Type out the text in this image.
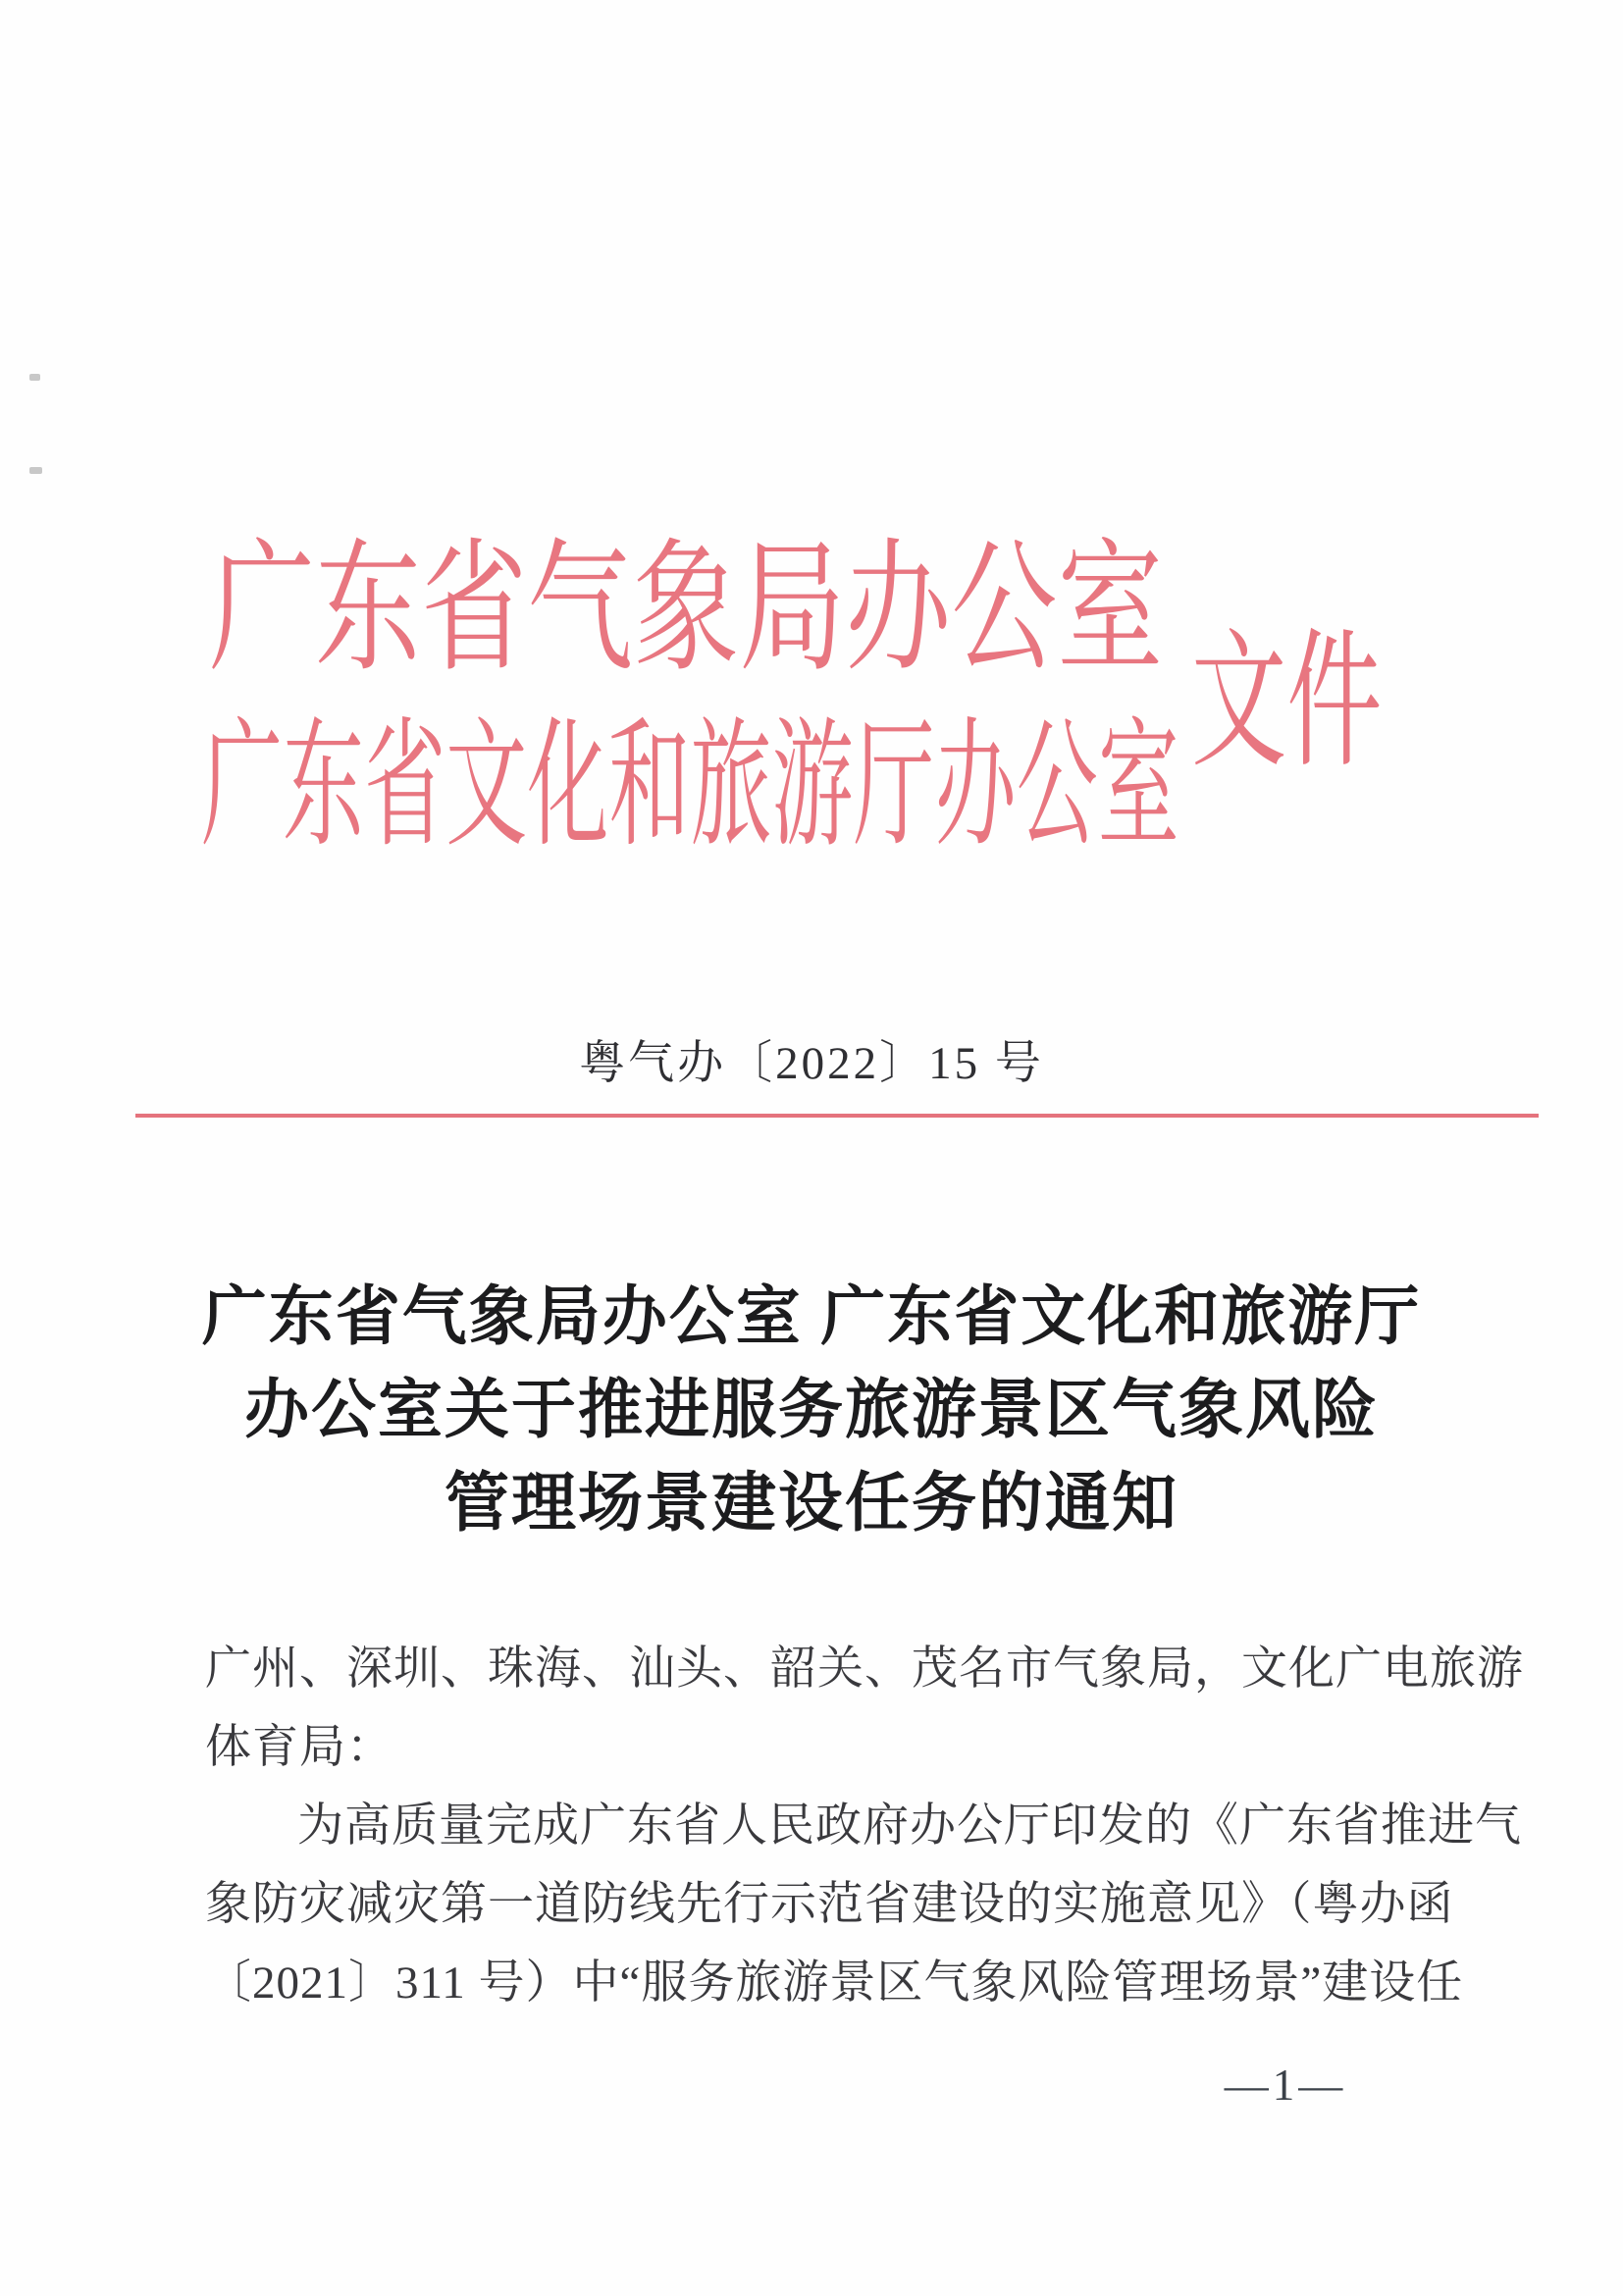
广东省气象局办公室
广东省文化和旅游厅办公室
文件
粤气办〔2022〕15 号
广东省气象局办公室 广东省文化和旅游厅
办公室关于推进服务旅游景区气象风险
管理场景建设任务的通知
广州、深圳、珠海、汕头、韶关、茂名市气象局，文化广电旅游
体育局：
为高质量完成广东省人民政府办公厅印发的《广东省推进气
象防灾减灾第一道防线先行示范省建设的实施意见》（粤办函
〔2021〕311 号）中“服务旅游景区气象风险管理场景”建设任
—1—
